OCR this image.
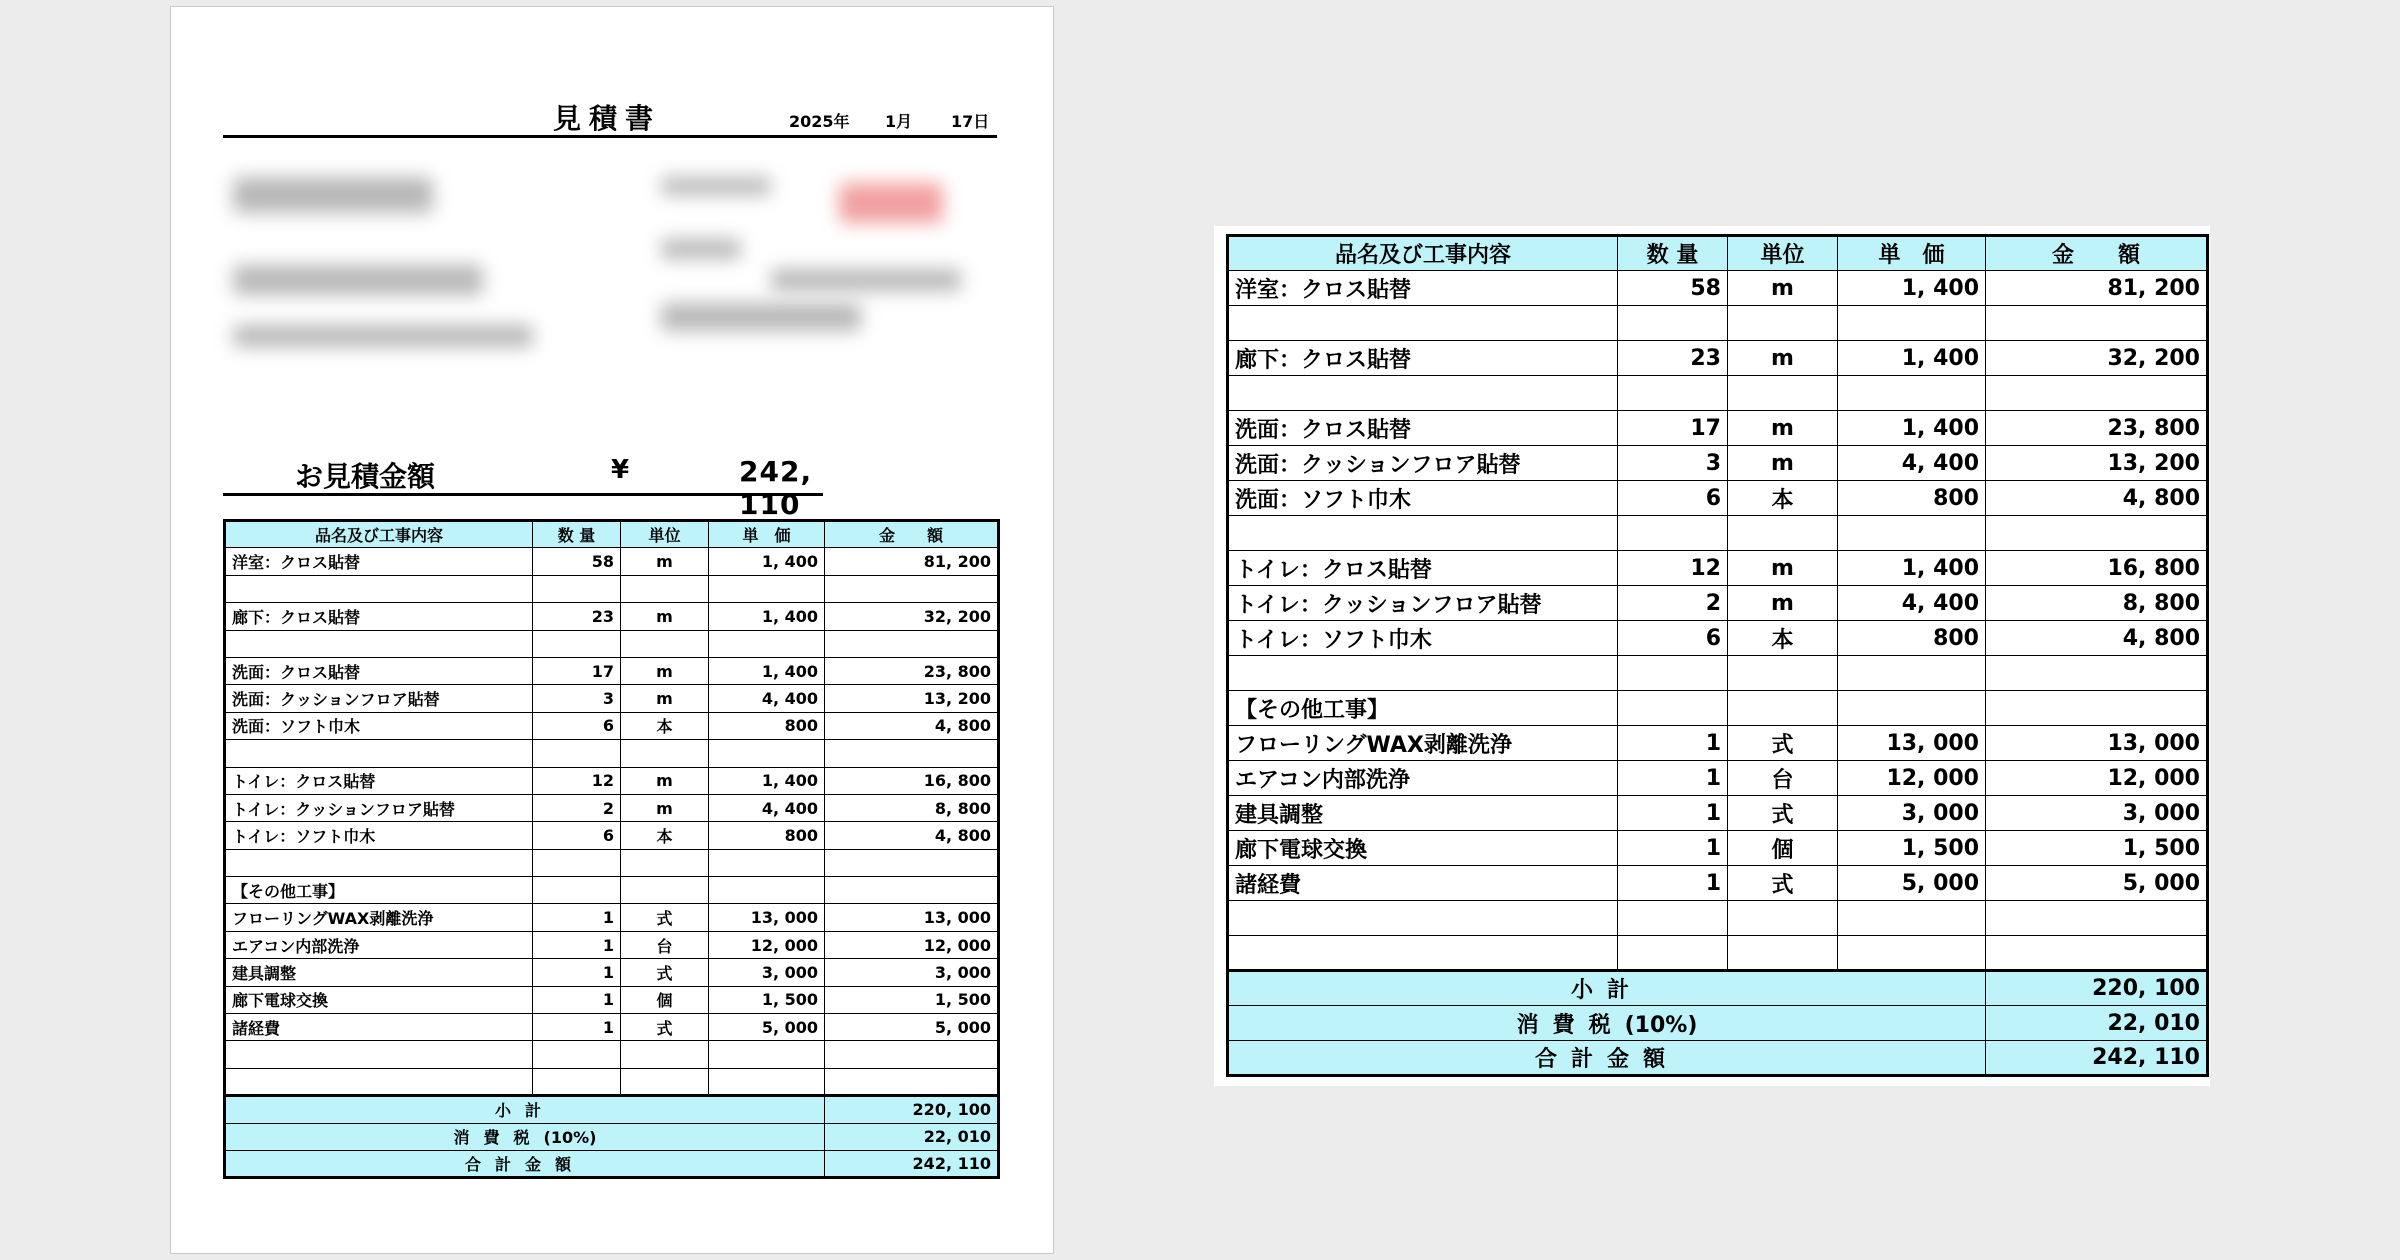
見積書	2025年 1月 17日
お見積金額	¥	242, 110
品名及び工事内容	数 量	単位	単　価	金　　額
洋室：クロス貼替	58	m	1, 400	81, 200

廊下：クロス貼替	23	m	1, 400	32, 200

洗面：クロス貼替	17	m	1, 400	23, 800
洗面：クッションフロア貼替	3	m	4, 400	13, 200
洗面：ソフト巾木	6	本	800	4, 800

トイレ：クロス貼替	12	m	1, 400	16, 800
トイレ：クッションフロア貼替	2	m	4, 400	8, 800
トイレ：ソフト巾木	6	本	800	4, 800

【その他工事】				
フローリングWAX剥離洗浄	1	式	13, 000	13, 000
エアコン内部洗浄	1	台	12, 000	12, 000
建具調整	1	式	3, 000	3, 000
廊下電球交換	1	個	1, 500	1, 500
諸経費	1	式	5, 000	5, 000

小計				220, 100
消費税(10%)				22, 010
合計金額				242, 110
品名及び工事内容	数 量	単位	単　価	金　　額
洋室：クロス貼替	58	m	1, 400	81, 200

廊下：クロス貼替	23	m	1, 400	32, 200

洗面：クロス貼替	17	m	1, 400	23, 800
洗面：クッションフロア貼替	3	m	4, 400	13, 200
洗面：ソフト巾木	6	本	800	4, 800

トイレ：クロス貼替	12	m	1, 400	16, 800
トイレ：クッションフロア貼替	2	m	4, 400	8, 800
トイレ：ソフト巾木	6	本	800	4, 800

【その他工事】				
フローリングWAX剥離洗浄	1	式	13, 000	13, 000
エアコン内部洗浄	1	台	12, 000	12, 000
建具調整	1	式	3, 000	3, 000
廊下電球交換	1	個	1, 500	1, 500
諸経費	1	式	5, 000	5, 000

小計				220, 100
消費税(10%)				22, 010
合計金額				242, 110
